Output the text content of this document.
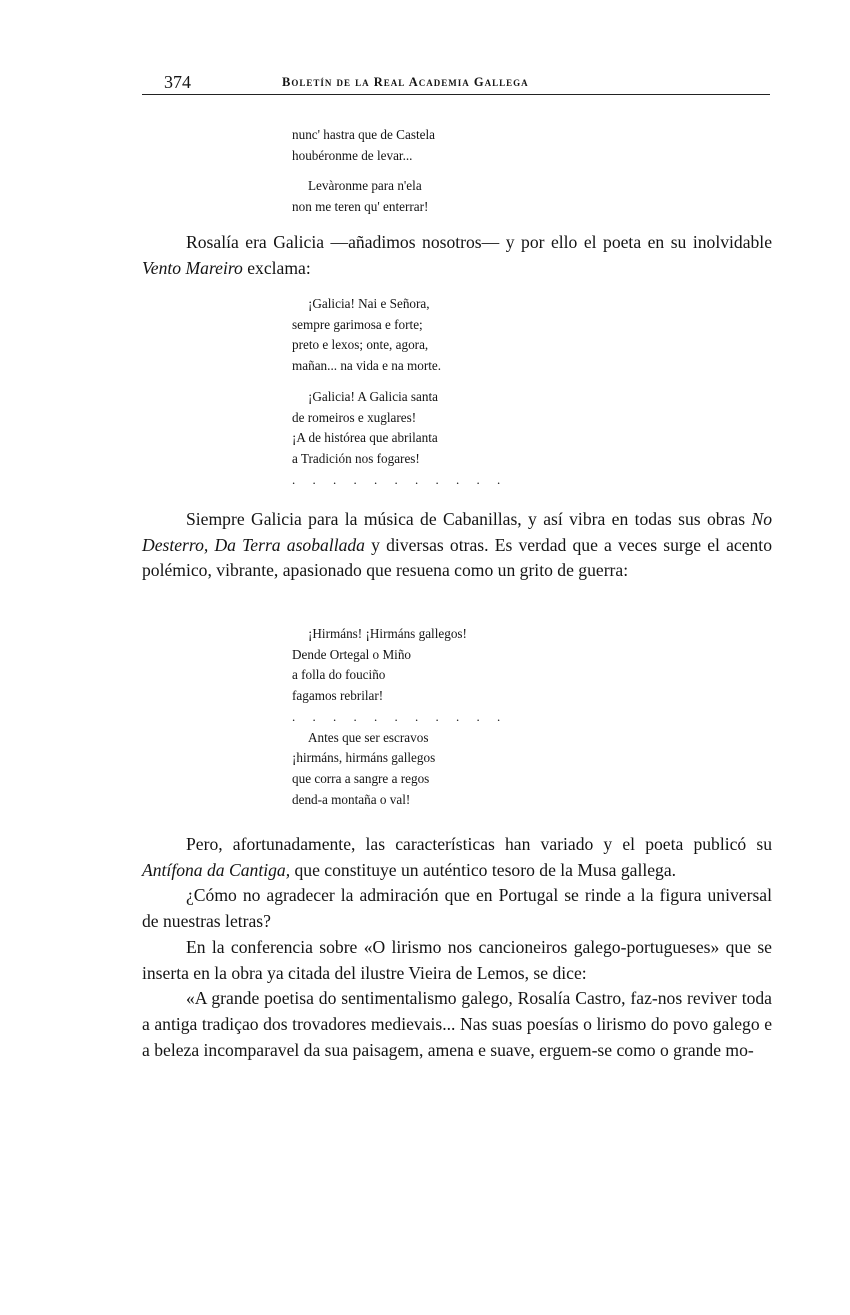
374	Boletín de la Real Academia Gallega
nunc' hastra que de Castela
houbéronme de levar...
Levàronme para n'ela
non me teren qu' enterrar!

Rosalía era Galicia —añadimos nosotros— y por ello el poeta en su inolvidable Vento Mareiro exclama:

¡Galicia! Nai e Señora,
sempre garimosa e forte;
preto e lexos; onte, agora,
mañan... na vida e na morte.
¡Galicia! A Galicia santa
de romeiros e xuglares!
¡A de histórea que abrilanta
a Tradición nos fogares!
. . . . . . . . . . .

Siempre Galicia para la música de Cabanillas, y así vibra en todas sus obras No Desterro, Da Terra asoballada y diversas otras. Es verdad que a veces surge el acento polémico, vibrante, apasionado que resuena como un grito de guerra:

¡Hirmáns! ¡Hirmáns gallegos!
Dende Ortegal o Miño
a folla do fouciño
fagamos rebrilar!
. . . . . . . . . . .
Antes que ser escravos
¡hirmáns, hirmáns gallegos
que corra a sangre a regos
dend-a montaña o val!

Pero, afortunadamente, las características han variado y el poeta publicó su Antífona da Cantiga, que constituye un auténtico tesoro de la Musa gallega.

¿Cómo no agradecer la admiración que en Portugal se rinde a la figura universal de nuestras letras?

En la conferencia sobre «O lirismo nos cancioneiros galego-portugueses» que se inserta en la obra ya citada del ilustre Vieira de Lemos, se dice:

«A grande poetisa do sentimentalismo galego, Rosalía Castro, faz-nos reviver toda a antiga tradiçao dos trovadores medievais... Nas suas poesías o lirismo do povo galego e a beleza incomparavel da sua paisagem, amena e suave, erguem-se como o grande mo-
